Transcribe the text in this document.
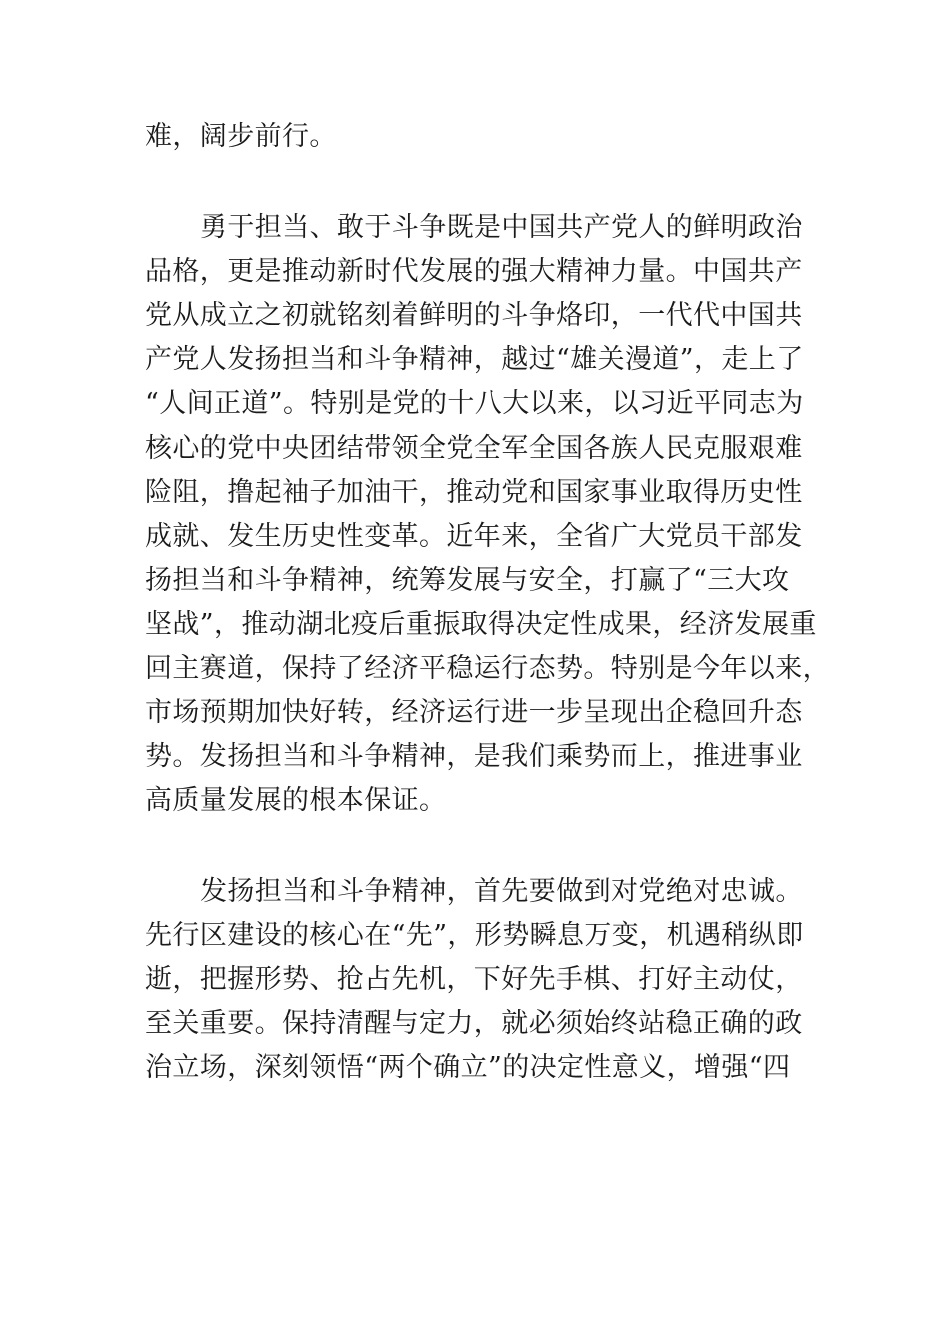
难，阔步前行。
勇于担当、敢于斗争既是中国共产党人的鲜明政治
品格，更是推动新时代发展的强大精神力量。中国共产
党从成立之初就铭刻着鲜明的斗争烙印，一代代中国共
产党人发扬担当和斗争精神，越过“雄关漫道”，走上了
“人间正道”。特别是党的十八大以来，以习近平同志为
核心的党中央团结带领全党全军全国各族人民克服艰难
险阻，撸起袖子加油干，推动党和国家事业取得历史性
成就、发生历史性变革。近年来，全省广大党员干部发
扬担当和斗争精神，统筹发展与安全，打赢了“三大攻
坚战”，推动湖北疫后重振取得决定性成果，经济发展重
回主赛道，保持了经济平稳运行态势。特别是今年以来，
市场预期加快好转，经济运行进一步呈现出企稳回升态
势。发扬担当和斗争精神，是我们乘势而上，推进事业
高质量发展的根本保证。
发扬担当和斗争精神，首先要做到对党绝对忠诚。
先行区建设的核心在“先”，形势瞬息万变，机遇稍纵即
逝，把握形势、抢占先机，下好先手棋、打好主动仗，
至关重要。保持清醒与定力，就必须始终站稳正确的政
治立场，深刻领悟“两个确立”的决定性意义，增强“四
